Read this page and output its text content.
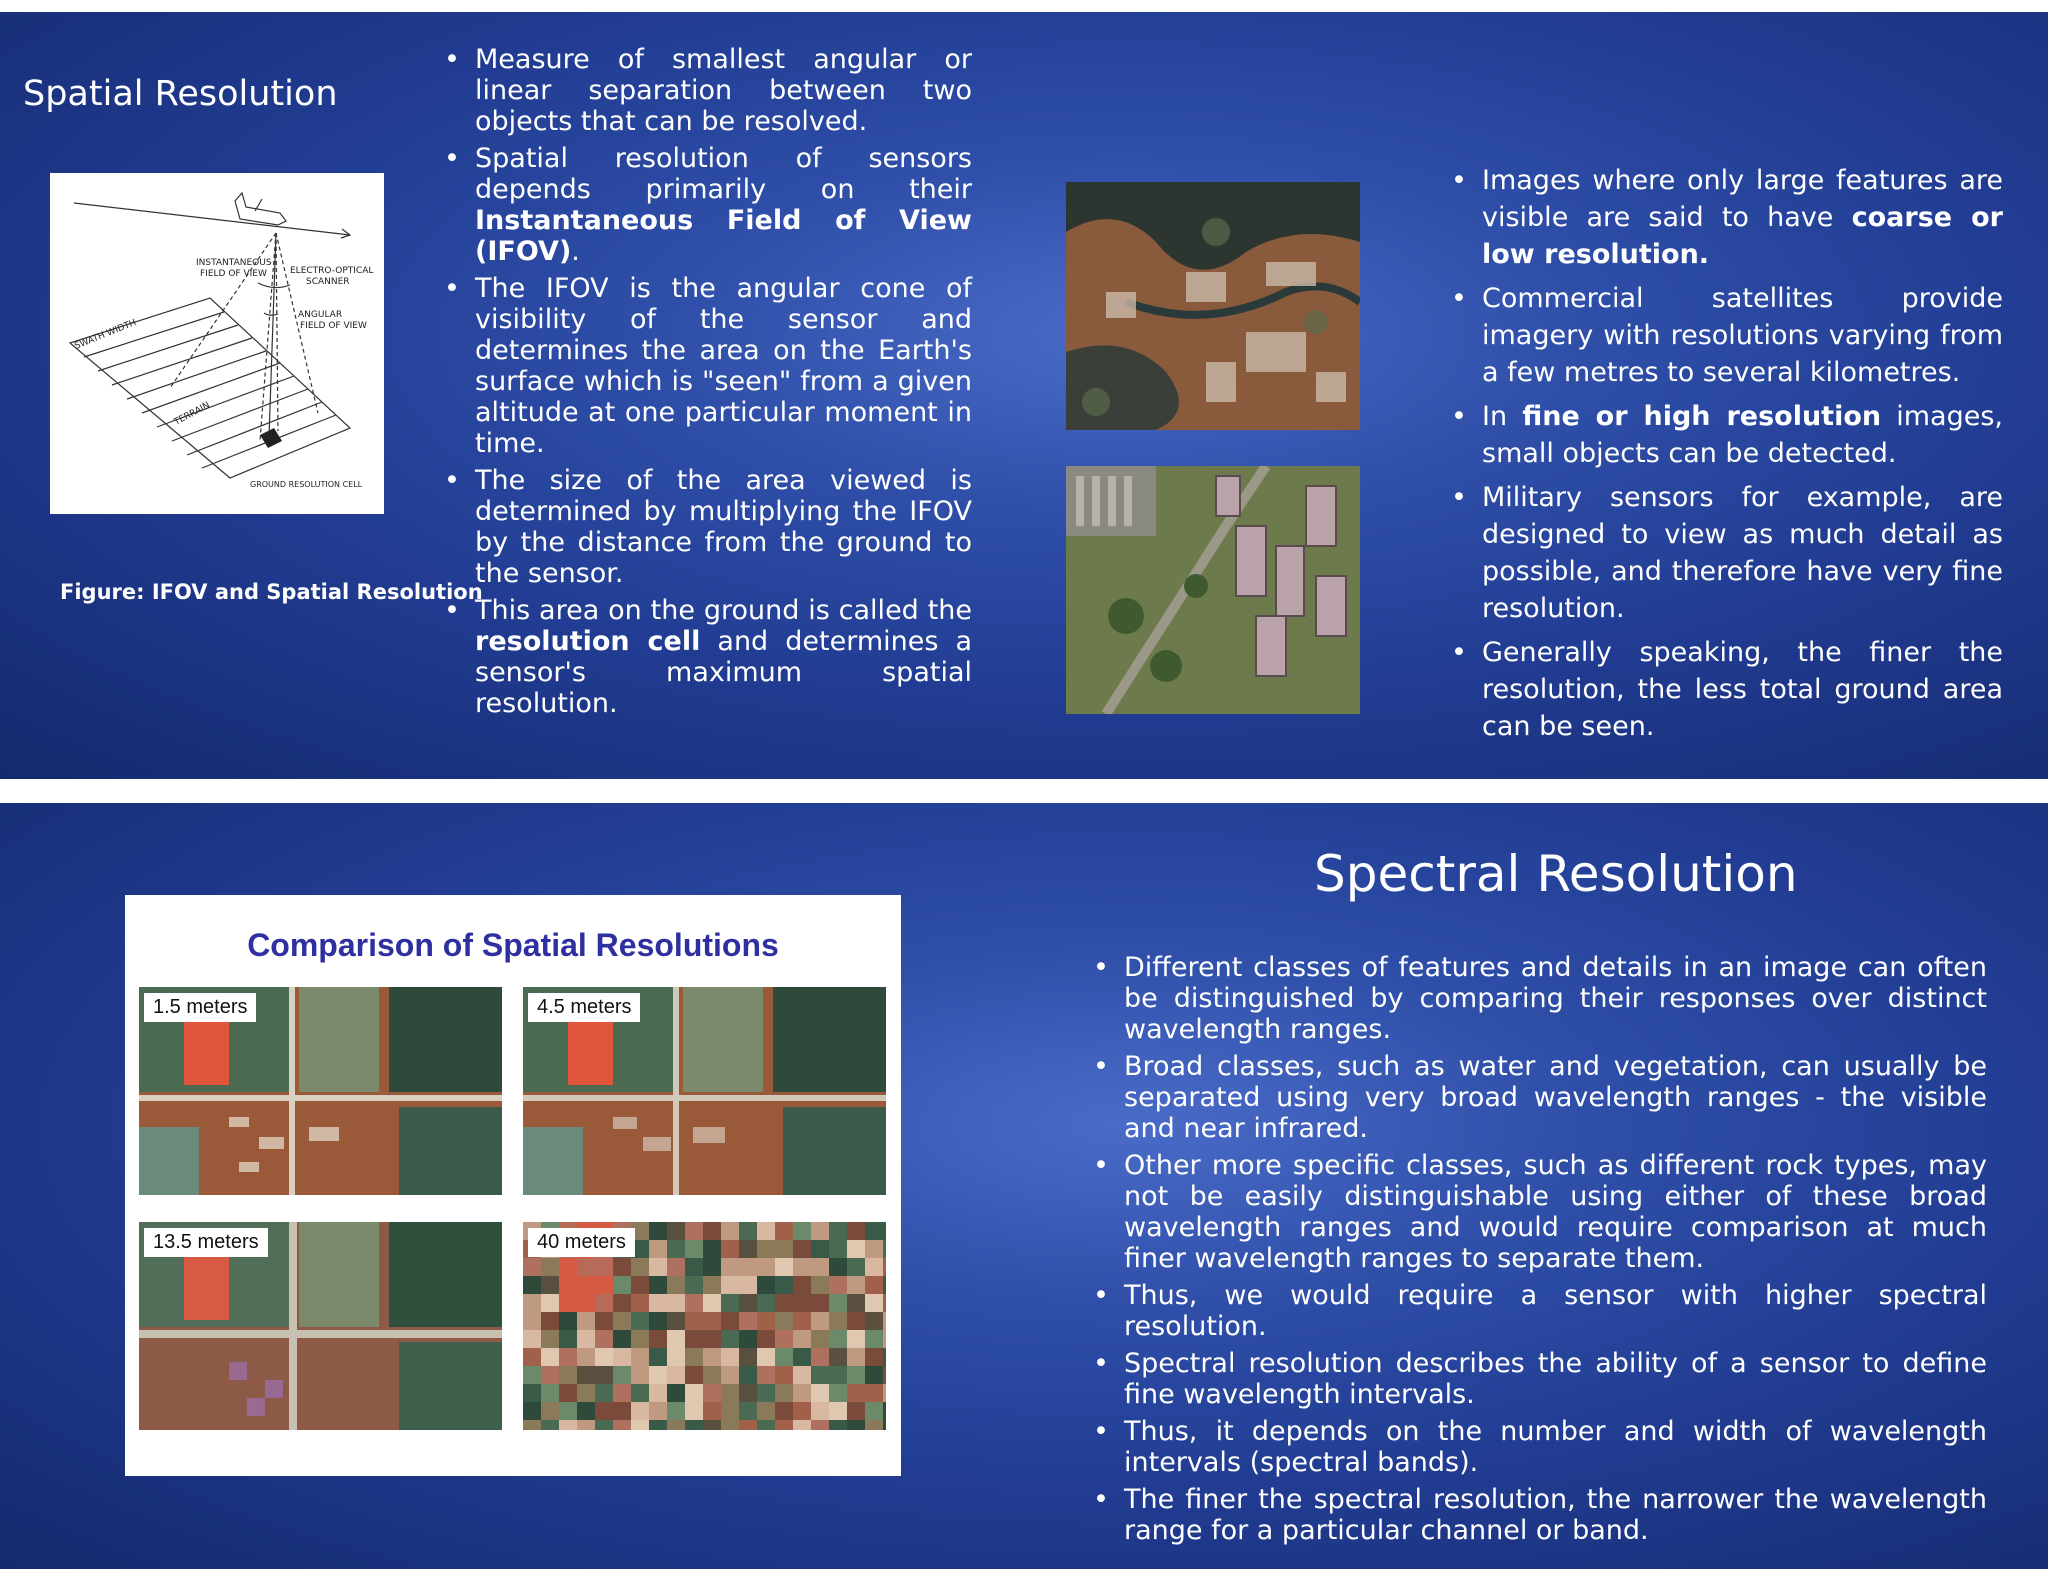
Spatial Resolution
INSTANTANEOUS
FIELD OF VIEW	ELECTRO-OPTICAL
SCANNER
ANGULAR
FIELD OF VIEW
SWATH WIDTH
TERRAIN
GROUND RESOLUTION CELL
Figure: IFOV and Spatial Resolution
• Measure of smallest angular or linear separation between two objects that can be resolved.
• Spatial resolution of sensors depends primarily on their Instantaneous Field of View (IFOV).
• The IFOV is the angular cone of visibility of the sensor and determines the area on the Earth's surface which is "seen" from a given altitude at one particular moment in time.
• The size of the area viewed is determined by multiplying the IFOV by the distance from the ground to the sensor.
• This area on the ground is called the resolution cell and determines a sensor's maximum spatial resolution.
• Images where only large features are visible are said to have coarse or low resolution.
• Commercial satellites provide imagery with resolutions varying from a few metres to several kilometres.
• In fine or high resolution images, small objects can be detected.
• Military sensors for example, are designed to view as much detail as possible, and therefore have very fine resolution.
• Generally speaking, the finer the resolution, the less total ground area can be seen.
Comparison of Spatial Resolutions
1.5 meters	4.5 meters
13.5 meters	40 meters
Spectral Resolution
• Different classes of features and details in an image can often be distinguished by comparing their responses over distinct wavelength ranges.
• Broad classes, such as water and vegetation, can usually be separated using very broad wavelength ranges - the visible and near infrared.
• Other more specific classes, such as different rock types, may not be easily distinguishable using either of these broad wavelength ranges and would require comparison at much finer wavelength ranges to separate them.
• Thus, we would require a sensor with higher spectral resolution.
• Spectral resolution describes the ability of a sensor to define fine wavelength intervals.
• Thus, it depends on the number and width of wavelength intervals (spectral bands).
• The finer the spectral resolution, the narrower the wavelength range for a particular channel or band.
